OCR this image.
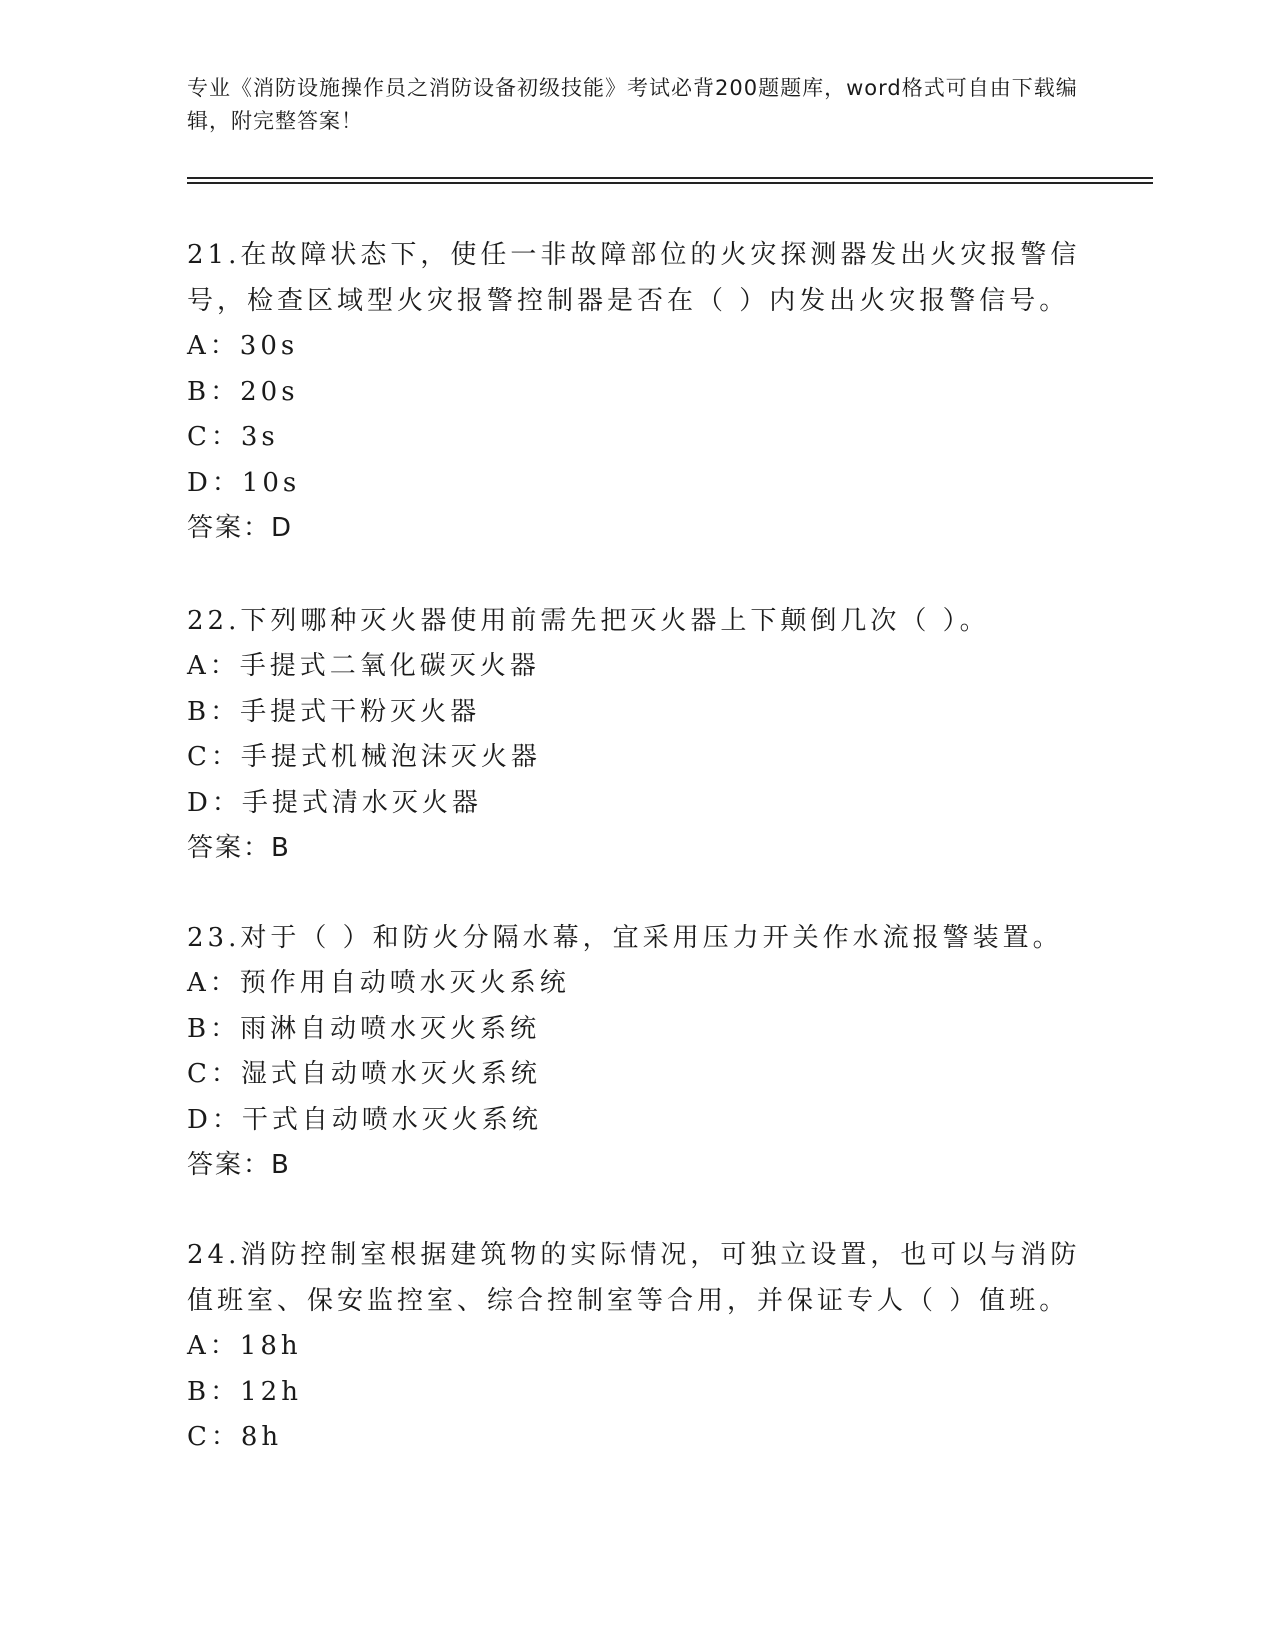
专业《消防设施操作员之消防设备初级技能》考试必背200题题库，word格式可自由下载编辑，附完整答案！

21.在故障状态下，使任一非故障部位的火灾探测器发出火灾报警信号，检查区域型火灾报警控制器是否在（ ）内发出火灾报警信号。

A：30s

B：20s

C：3s

D：10s

答案：D

22.下列哪种灭火器使用前需先把灭火器上下颠倒几次（ ）。

A：手提式二氧化碳灭火器

B：手提式干粉灭火器

C：手提式机械泡沫灭火器

D：手提式清水灭火器

答案：B

23.对于（ ）和防火分隔水幕，宜采用压力开关作水流报警装置。

A：预作用自动喷水灭火系统

B：雨淋自动喷水灭火系统

C：湿式自动喷水灭火系统

D：干式自动喷水灭火系统

答案：B

24.消防控制室根据建筑物的实际情况，可独立设置，也可以与消防值班室、保安监控室、综合控制室等合用，并保证专人（ ）值班。

A：18h

B：12h

C：8h
